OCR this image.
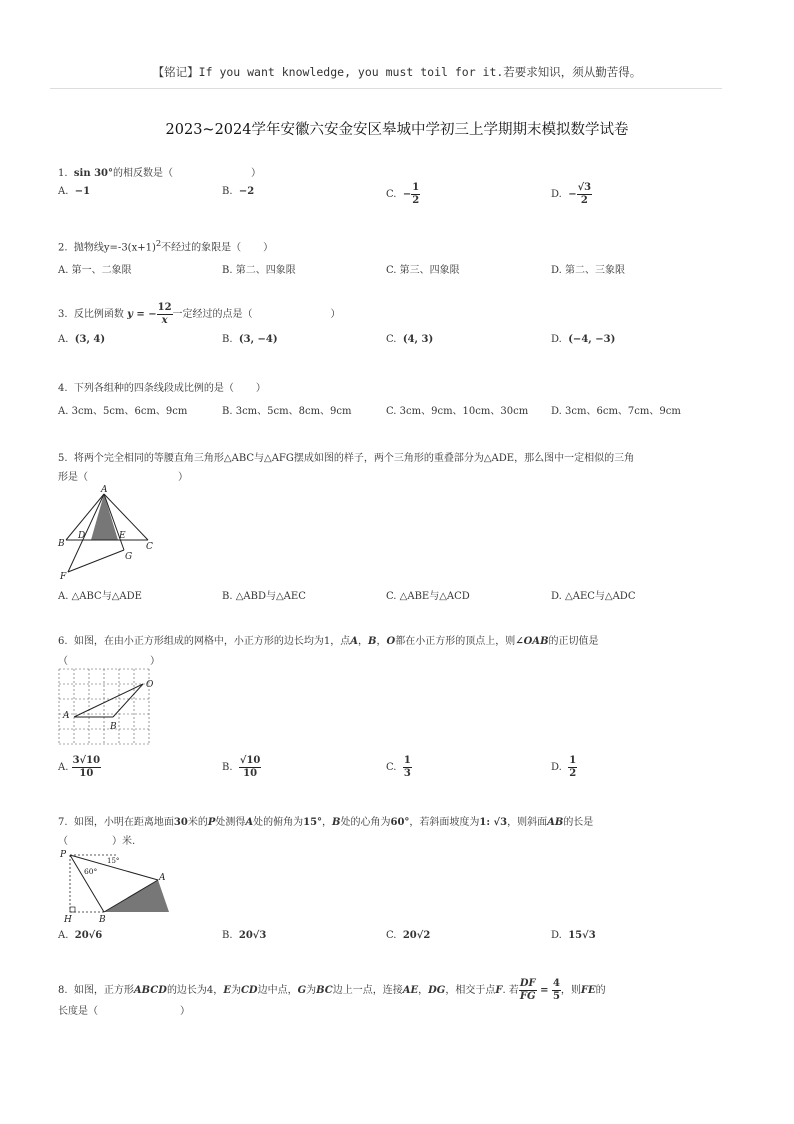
【铭记】If you want knowledge, you must toil for it.若要求知识，须从勤苦得。
2023~2024学年安徽六安金安区皋城中学初三上学期期末模拟数学试卷
1. sin 30°的相反数是（	）
A. −1	B. −2	C. − $\frac{1}{2}$	D. − $\frac{√3}{2}$
2. 抛物线$y=-3(x+1)^2$不经过的象限是（ ）
A. 第一、二象限	B. 第二、四象限	C. 第三、四象限	D. 第二、三象限
3. 反比例函数 y = − $\frac{12}{x}$ 一定经过的点是（	）
A. (3, 4)	B. (3, −4)	C. (4, 3)	D. (−4, −3)
4. 下列各组种的四条线段成比例的是（ ）
A. 3cm、5cm、6cm、9cm	B. 3cm、5cm、8cm、9cm	C. 3cm、9cm、10cm、30cm D. 3cm、6cm、7cm、9cm
5. 将两个完全相同的等腰直角三角形△ABC与△AFG摆成如图的样子，两个三角形的重叠部分为△ADE，那么图中一定相似的三角
形是（	）
A
B	C
D	E
F
G
A. △ABC与△ADE	B. △ABD与△AEC	C. △ABE与△ACD	D. △AEC与△ADC
6. 如图，在由小正方形组成的网格中，小正方形的边长均为1，点A，B，O都在小正方形的顶点上，则∠OAB的正切值是
（	）
A
B
O
A. $\frac{3√10}{10}$	B. $\frac{√10}{10}$	C. $\frac{1}{3}$	D. $\frac{1}{2}$
7. 如图，小明在距离地面30米的P处测得A处的俯角为15°，B处的心角为60°，若斜面坡度为1: √3，则斜面AB的长是
（	）米.
P
A
B
H
15°
60°
A. 20√6	B. 20√3	C. 20√2	D. 15√3
8. 如图，正方形ABCD的边长为4，E为CD边中点，G为BC边上一点，连接AE，DG，相交于点F. 若 $\frac{DF}{FG} = \frac{4}{5}$ ，则FE的
长度是（	）
